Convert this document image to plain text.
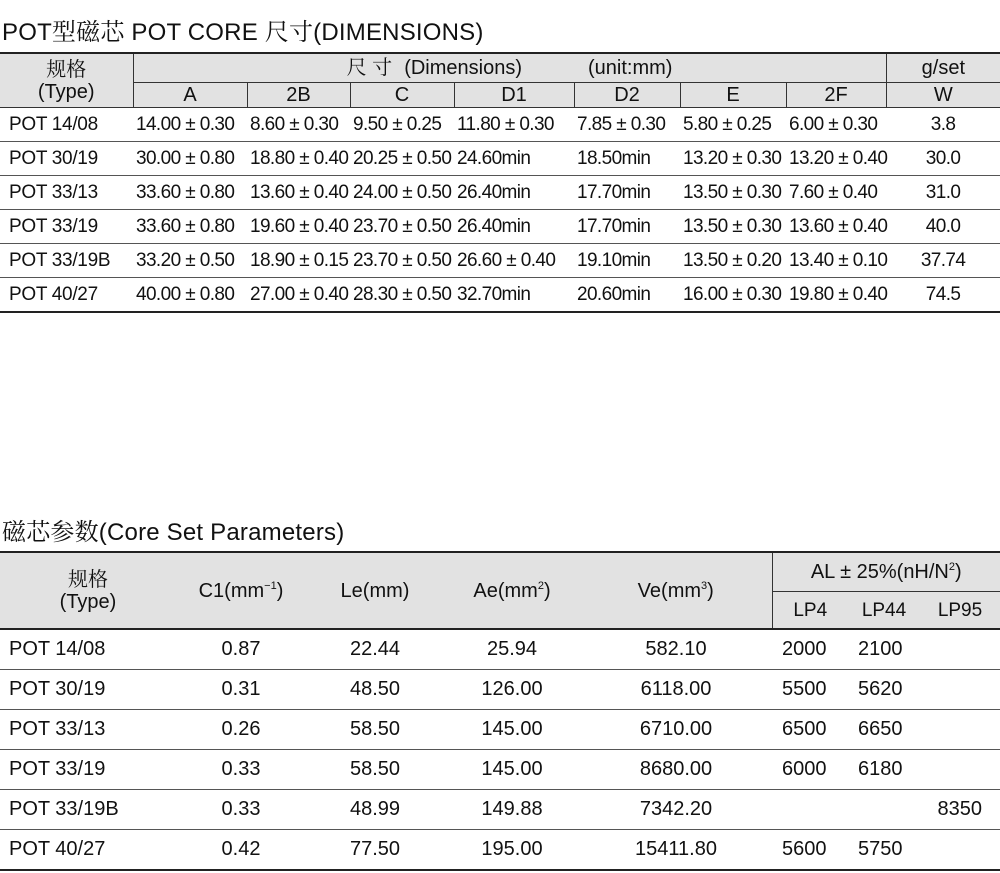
POT型磁芯 POT CORE 尺寸(DIMENSIONS)
规格
(Type)	尺 寸 (Dimensions) (unit:mm)							g/set
	A	2B	C	D1	D2	E	2F	W
POT 14/08	14.00 ± 0.30	8.60 ± 0.30	9.50 ± 0.25	11.80 ± 0.30	7.85 ± 0.30	5.80 ± 0.25	6.00 ± 0.30	3.8
POT 30/19	30.00 ± 0.80	18.80 ± 0.40	20.25 ± 0.50	24.60min	18.50min	13.20 ± 0.30	13.20 ± 0.40	30.0
POT 33/13	33.60 ± 0.80	13.60 ± 0.40	24.00 ± 0.50	26.40min	17.70min	13.50 ± 0.30	7.60 ± 0.40	31.0
POT 33/19	33.60 ± 0.80	19.60 ± 0.40	23.70 ± 0.50	26.40min	17.70min	13.50 ± 0.30	13.60 ± 0.40	40.0
POT 33/19B	33.20 ± 0.50	18.90 ± 0.15	23.70 ± 0.50	26.60 ± 0.40	19.10min	13.50 ± 0.20	13.40 ± 0.10	37.74
POT 40/27	40.00 ± 0.80	27.00 ± 0.40	28.30 ± 0.50	32.70min	20.60min	16.00 ± 0.30	19.80 ± 0.40	74.5
磁芯参数(Core Set Parameters)
规格
(Type)	$C1(mm^{-1})$	Le(mm)	$Ae(mm^2)$	$Ve(mm^3)$	AL ± $25\%(nH/N^2)$		
					LP4	LP44	LP95
POT 14/08	0.87	22.44	25.94	582.10	2000	2100	
POT 30/19	0.31	48.50	126.00	6118.00	5500	5620	
POT 33/13	0.26	58.50	145.00	6710.00	6500	6650	
POT 33/19	0.33	58.50	145.00	8680.00	6000	6180	
POT 33/19B	0.33	48.99	149.88	7342.20			8350
POT 40/27	0.42	77.50	195.00	15411.80	5600	5750	
